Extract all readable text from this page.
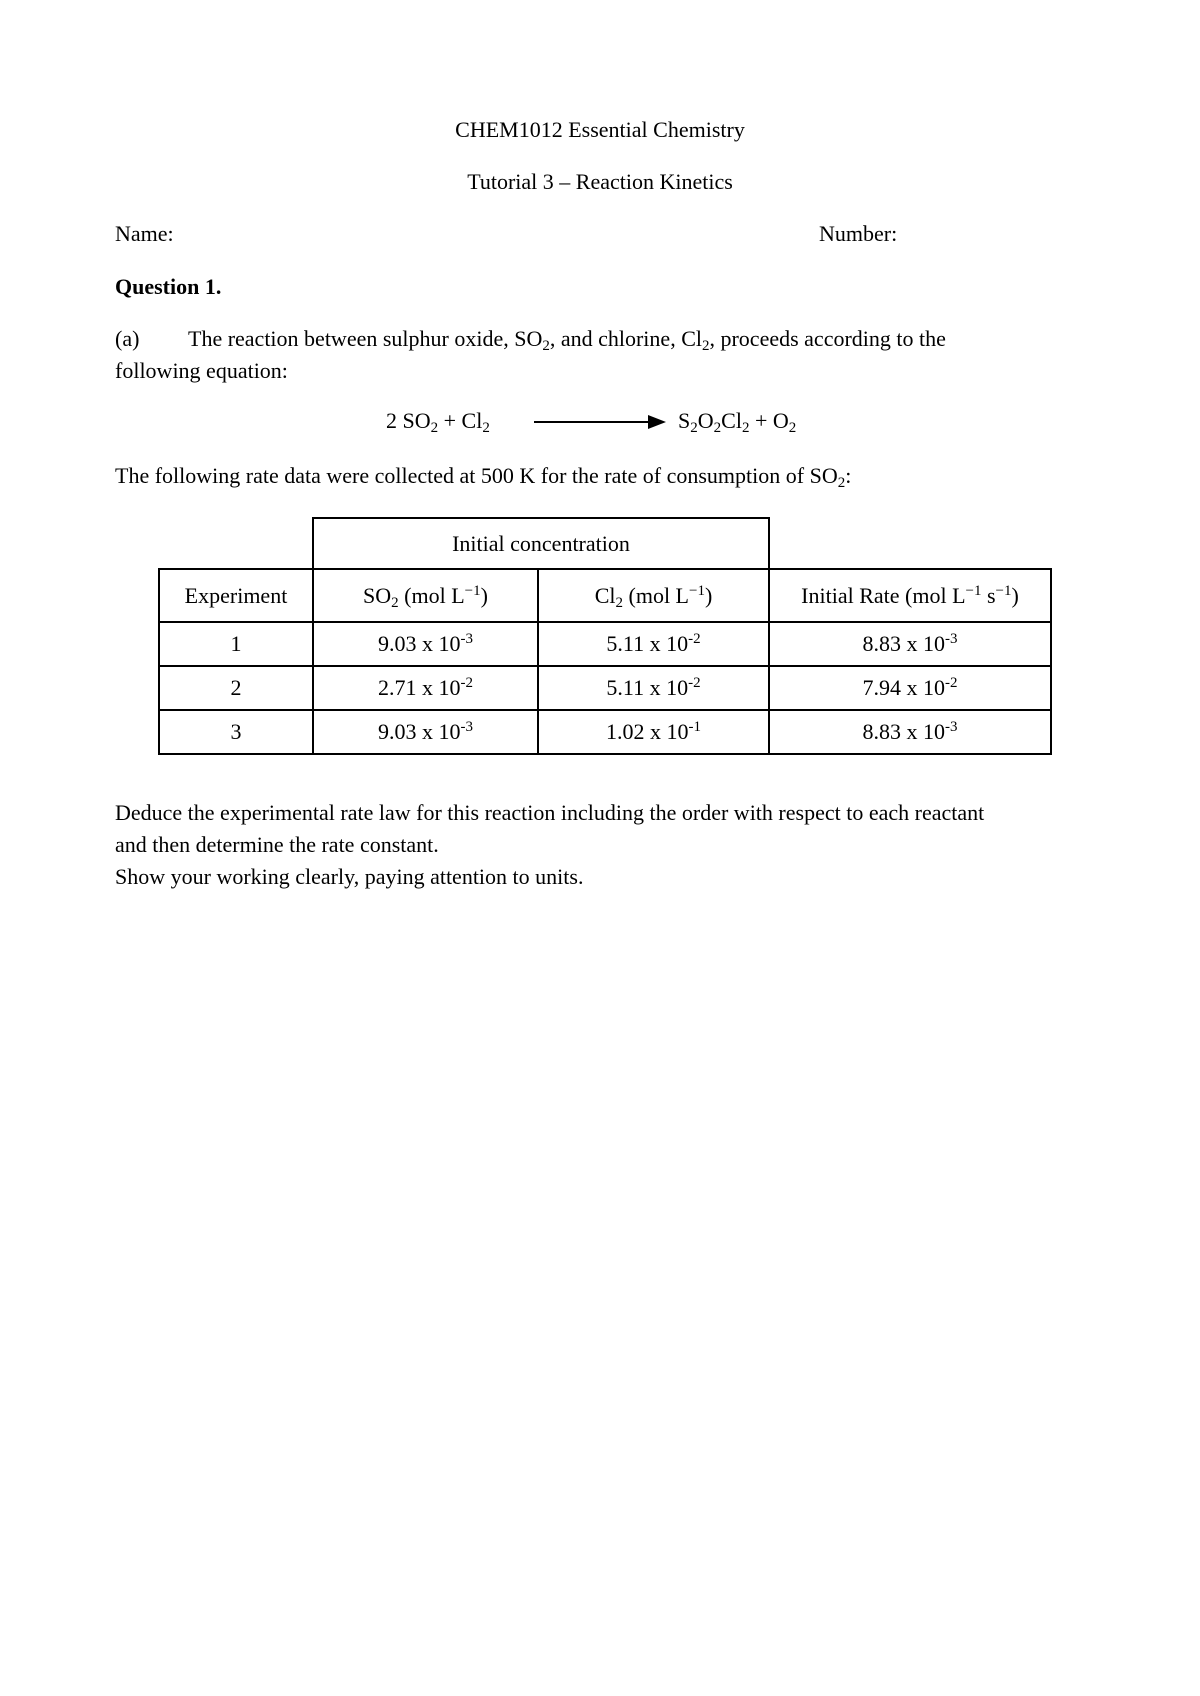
CHEM1012 Essential Chemistry
Tutorial 3 – Reaction Kinetics
Name:	Number:
Question 1.
(a) The reaction between sulphur oxide, $SO_2$, and chlorine, $Cl_2$, proceeds according to the
following equation:
2 $SO_2 + Cl_2$	$S_2O_2Cl_2 + O_2$
The following rate data were collected at 500 K for the rate of consumption of $SO_2$:
	Initial concentration		
Experiment	$SO_2$ (mol $L^{-1}$)	$Cl_2$ (mol $L^{-1}$)	Initial Rate (mol $L^{-1}$ $s^{-1}$)
1	9.03 x $10^{-3}$	5.11 x $10^{-2}$	8.83 x $10^{-3}$
2	2.71 x $10^{-2}$	5.11 x $10^{-2}$	7.94 x $10^{-2}$
3	9.03 x $10^{-3}$	1.02 x $10^{-1}$	8.83 x $10^{-3}$
Deduce the experimental rate law for this reaction including the order with respect to each reactant
and then determine the rate constant.
Show your working clearly, paying attention to units.
